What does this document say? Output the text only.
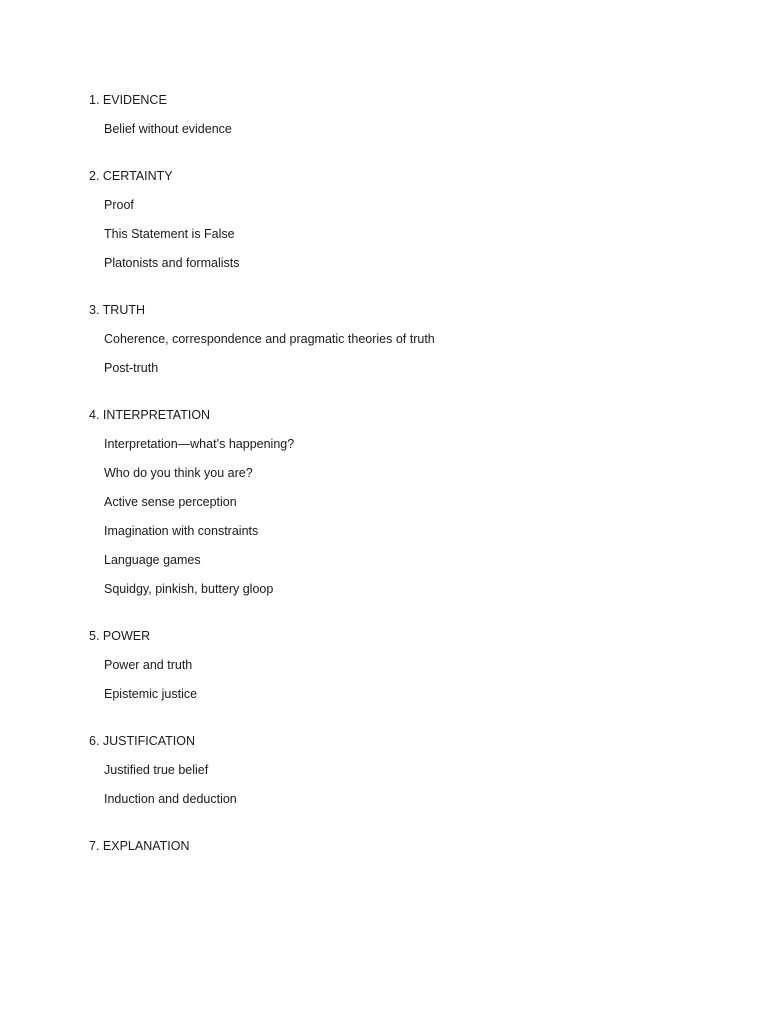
1. EVIDENCE
Belief without evidence
2. CERTAINTY
Proof
This Statement is False
Platonists and formalists
3. TRUTH
Coherence, correspondence and pragmatic theories of truth
Post-truth
4. INTERPRETATION
Interpretation—what’s happening?
Who do you think you are?
Active sense perception
Imagination with constraints
Language games
Squidgy, pinkish, buttery gloop
5. POWER
Power and truth
Epistemic justice
6. JUSTIFICATION
Justified true belief
Induction and deduction
7. EXPLANATION
